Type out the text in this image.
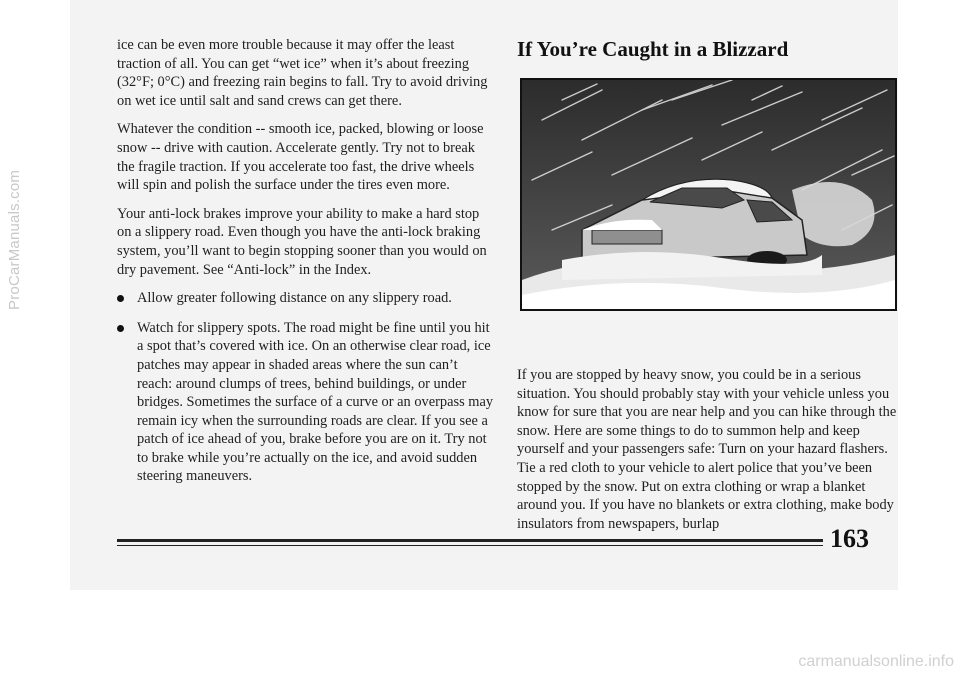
ProCarManuals.com

ice can be even more trouble because it may offer the least traction of all. You can get “wet ice” when it’s about freezing (32°F; 0°C) and freezing rain begins to fall. Try to avoid driving on wet ice until salt and sand crews can get there.

Whatever the condition -- smooth ice, packed, blowing or loose snow -- drive with caution. Accelerate gently. Try not to break the fragile traction. If you accelerate too fast, the drive wheels will spin and polish the surface under the tires even more.

Your anti-lock brakes improve your ability to make a hard stop on a slippery road. Even though you have the anti-lock braking system, you’ll want to begin stopping sooner than you would on dry pavement. See “Anti-lock” in the Index.

Allow greater following distance on any slippery road.
Watch for slippery spots. The road might be fine until you hit a spot that’s covered with ice. On an otherwise clear road, ice patches may appear in shaded areas where the sun can’t reach: around clumps of trees, behind buildings, or under bridges. Sometimes the surface of a curve or an overpass may remain icy when the surrounding roads are clear. If you see a patch of ice ahead of you, brake before you are on it. Try not to brake while you’re actually on the ice, and avoid sudden steering maneuvers.
If You’re Caught in a Blizzard

If you are stopped by heavy snow, you could be in a serious situation. You should probably stay with your vehicle unless you know for sure that you are near help and you can hike through the snow. Here are some things to do to summon help and keep yourself and your passengers safe: Turn on your hazard flashers. Tie a red cloth to your vehicle to alert police that you’ve been stopped by the snow. Put on extra clothing or wrap a blanket around you. If you have no blankets or extra clothing, make body insulators from newspapers, burlap

163
carmanualsonline.info
